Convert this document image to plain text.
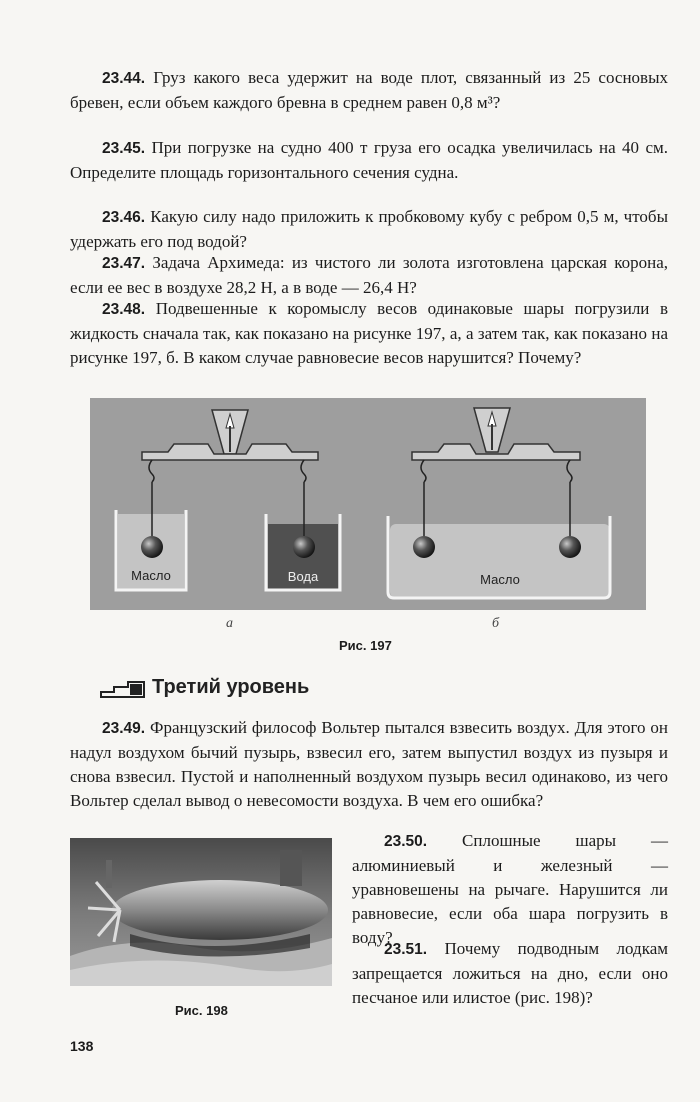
23.44. Груз какого веса удержит на воде плот, связанный из 25 сосновых бревен, если объем каждого бревна в среднем равен 0,8 м³?
23.45. При погрузке на судно 400 т груза его осадка увеличилась на 40 см. Определите площадь горизонтального сечения судна.
23.46. Какую силу надо приложить к пробковому кубу с ребром 0,5 м, чтобы удержать его под водой?
23.47. Задача Архимеда: из чистого ли золота изготовлена царская корона, если ее вес в воздухе 28,2 Н, а в воде — 26,4 Н?
23.48. Подвешенные к коромыслу весов одинаковые шары погрузили в жидкость сначала так, как показано на рисунке 197, а, а затем так, как показано на рисунке 197, б. В каком случае равновесие весов нарушится? Почему?
Масло	Вода	Масло
а	б
Рис. 197
Третий уровень
23.49. Французский философ Вольтер пытался взвесить воздух. Для этого он надул воздухом бычий пузырь, взвесил его, затем выпустил воздух из пузыря и снова взвесил. Пустой и наполненный воздухом пузырь весил одинаково, из чего Вольтер сделал вывод о невесомости воздуха. В чем его ошибка?
Рис. 198
23.50. Сплошные шары — алюминиевый и железный — уравновешены на рычаге. Нарушится ли равновесие, если оба шара погрузить в воду?
23.51. Почему подводным лодкам запрещается ложиться на дно, если оно песчаное или илистое (рис. 198)?
138
